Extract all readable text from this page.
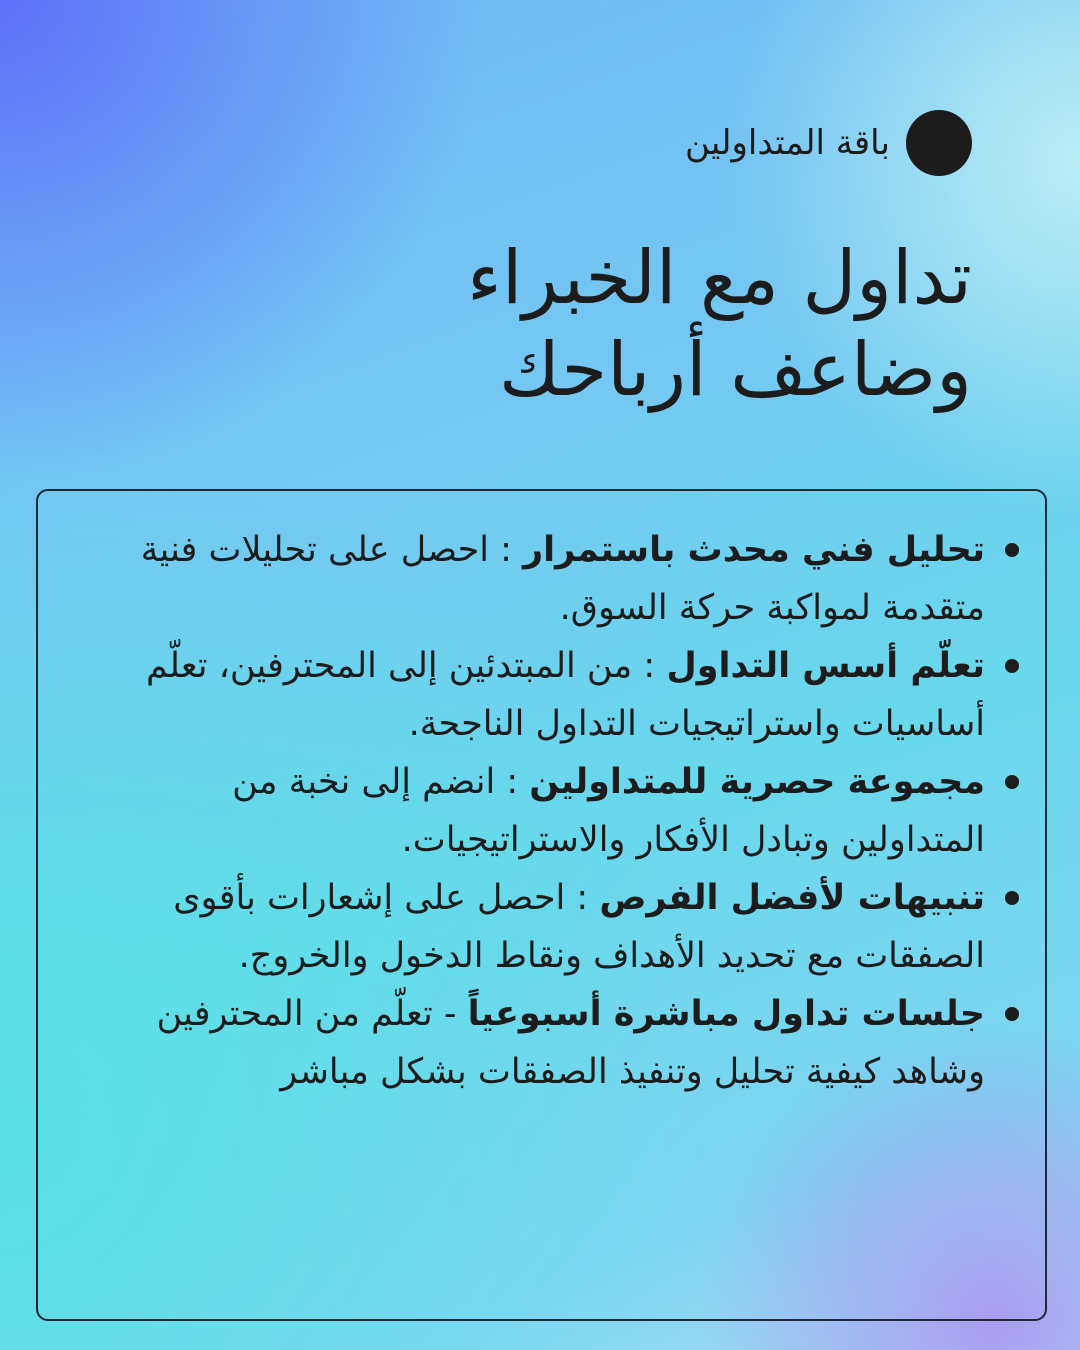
باقة المتداولين
تداول مع الخبراء
وضاعف أرباحك
تحليل فني محدث باستمرار : احصل على تحليلات فنية متقدمة لمواكبة حركة السوق.
تعلّم أسس التداول : من المبتدئين إلى المحترفين، تعلّم أساسيات واستراتيجيات التداول الناجحة.
مجموعة حصرية للمتداولين : انضم إلى نخبة من المتداولين وتبادل الأفكار والاستراتيجيات.
تنبيهات لأفضل الفرص : احصل على إشعارات بأقوى الصفقات مع تحديد الأهداف ونقاط الدخول والخروج.
جلسات تداول مباشرة أسبوعياً - تعلّم من المحترفين وشاهد كيفية تحليل وتنفيذ الصفقات بشكل مباشر
